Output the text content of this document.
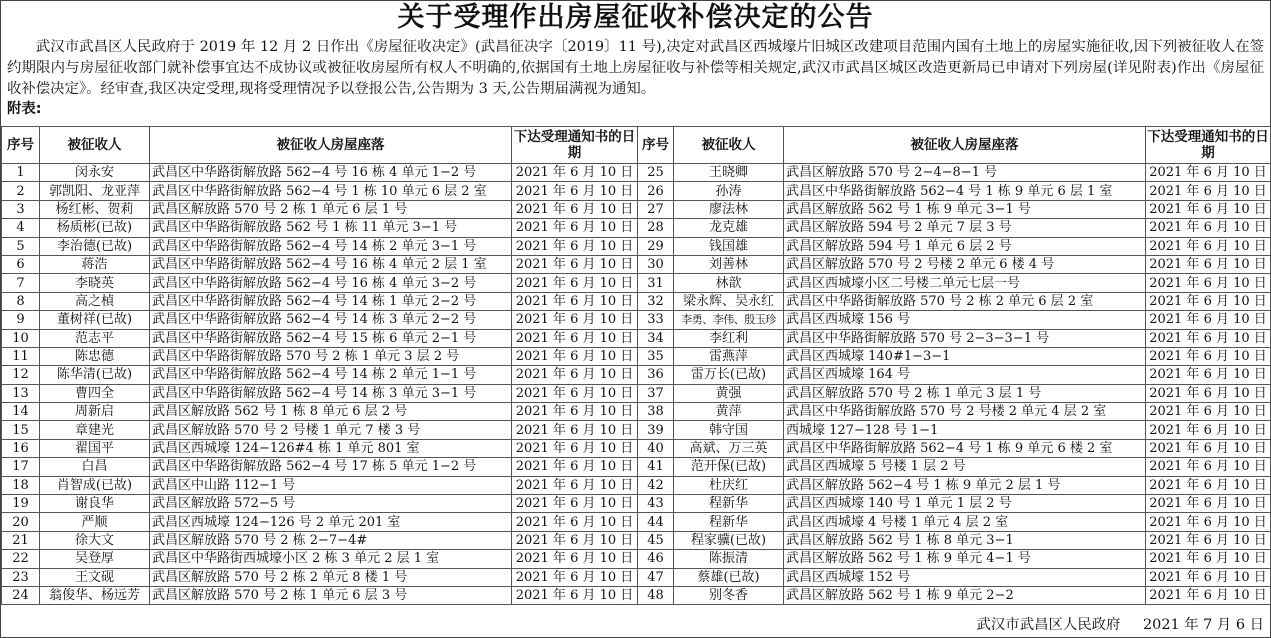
关于受理作出房屋征收补偿决定的公告

武汉市武昌区人民政府于 2019 年 12 月 2 日作出《房屋征收决定》(武昌征决字〔2019〕11 号),决定对武昌区西城壕片旧城区改建项目范围内国有土地上的房屋实施征收,因下列被征收人在签约期限内与房屋征收部门就补偿事宜达不成协议或被征收房屋所有权人不明确的,依据国有土地上房屋征收与补偿等相关规定,武汉市武昌区城区改造更新局已申请对下列房屋(详见附表)作出《房屋征收补偿决定》。经审查,我区决定受理,现将受理情况予以登报公告,公告期为 3 天,公告期届满视为通知。

附表:
序号	被征收人	被征收人房屋座落	下达受理通知书的日期	序号	被征收人	被征收人房屋座落	下达受理通知书的日期
1	闵永安	武昌区中华路街解放路 562−4 号 16 栋 4 单元 1−2 号	2021 年 6 月 10 日	25	王晓卿	武昌区解放路 570 号 2−4−8−1 号	2021 年 6 月 10 日
2	郭凯阳、龙亚萍	武昌区中华路街解放路 562−4 号 1 栋 10 单元 6 层 2 室	2021 年 6 月 10 日	26	孙涛	武昌区中华路街解放路 562−4 号 1 栋 9 单元 6 层 1 室	2021 年 6 月 10 日
3	杨红彬、贺莉	武昌区解放路 570 号 2 栋 1 单元 6 层 1 号	2021 年 6 月 10 日	27	廖法林	武昌区解放路 562 号 1 栋 9 单元 3−1 号	2021 年 6 月 10 日
4	杨质彬(已故)	武昌区中华路街解放路 562 号 1 栋 11 单元 3−1 号	2021 年 6 月 10 日	28	龙克雄	武昌区解放路 594 号 2 单元 7 层 3 号	2021 年 6 月 10 日
5	李治德(已故)	武昌区中华路街解放路 562−4 号 14 栋 2 单元 3−1 号	2021 年 6 月 10 日	29	钱国雄	武昌区解放路 594 号 1 单元 6 层 2 号	2021 年 6 月 10 日
6	蒋浩	武昌区中华路街解放路 562−4 号 16 栋 4 单元 2 层 1 室	2021 年 6 月 10 日	30	刘善林	武昌区解放路 570 号 2 号楼 2 单元 6 楼 4 号	2021 年 6 月 10 日
7	李晓英	武昌区中华路街解放路 562−4 号 16 栋 4 单元 3−2 号	2021 年 6 月 10 日	31	林歆	武昌区西城壕小区二号楼二单元七层一号	2021 年 6 月 10 日
8	高之楨	武昌区中华路街解放路 562−4 号 14 栋 1 单元 2−2 号	2021 年 6 月 10 日	32	梁永辉、吴永红	武昌区中华路街解放路 570 号 2 栋 2 单元 6 层 2 室	2021 年 6 月 10 日
9	董树祥(已故)	武昌区中华路街解放路 562−4 号 14 栋 3 单元 2−2 号	2021 年 6 月 10 日	33	李勇、李伟、殷玉珍	武昌区西城壕 156 号	2021 年 6 月 10 日
10	范志平	武昌区中华路街解放路 562−4 号 15 栋 6 单元 2−1 号	2021 年 6 月 10 日	34	李红利	武昌区中华路街解放路 570 号 2−3−3−1 号	2021 年 6 月 10 日
11	陈忠德	武昌区中华路街解放路 570 号 2 栋 1 单元 3 层 2 号	2021 年 6 月 10 日	35	雷燕萍	武昌区西城壕 140#1−3−1	2021 年 6 月 10 日
12	陈华清(已故)	武昌区中华路街解放路 562−4 号 14 栋 2 单元 1−1 号	2021 年 6 月 10 日	36	雷万长(已故)	武昌区西城壕 164 号	2021 年 6 月 10 日
13	曹四全	武昌区中华路街解放路 562−4 号 14 栋 3 单元 3−1 号	2021 年 6 月 10 日	37	黄强	武昌区解放路 570 号 2 栋 1 单元 3 层 1 号	2021 年 6 月 10 日
14	周新启	武昌区解放路 562 号 1 栋 8 单元 6 层 2 号	2021 年 6 月 10 日	38	黄萍	武昌区中华路街解放路 570 号 2 号楼 2 单元 4 层 2 室	2021 年 6 月 10 日
15	章建光	武昌区解放路 570 号 2 号楼 1 单元 7 楼 3 号	2021 年 6 月 10 日	39	韩守国	西城壕 127−128 号 1−1	2021 年 6 月 10 日
16	翟国平	武昌区西城壕 124−126#4 栋 1 单元 801 室	2021 年 6 月 10 日	40	高斌、万三英	武昌区中华路街解放路 562−4 号 1 栋 9 单元 6 楼 2 室	2021 年 6 月 10 日
17	白昌	武昌区中华路街解放路 562−4 号 17 栋 5 单元 1−2 号	2021 年 6 月 10 日	41	范开保(已故)	武昌区西城壕 5 号楼 1 层 2 号	2021 年 6 月 10 日
18	肖智成(已故)	武昌区中山路 112−1 号	2021 年 6 月 10 日	42	杜庆红	武昌区解放路 562−4 号 1 栋 9 单元 2 层 1 号	2021 年 6 月 10 日
19	谢良华	武昌区解放路 572−5 号	2021 年 6 月 10 日	43	程新华	武昌区西城壕 140 号 1 单元 1 层 2 号	2021 年 6 月 10 日
20	严顺	武昌区西城壕 124−126 号 2 单元 201 室	2021 年 6 月 10 日	44	程新华	武昌区西城壕 4 号楼 1 单元 4 层 2 室	2021 年 6 月 10 日
21	徐大文	武昌区解放路 570 号 2 栋 2−7−4#	2021 年 6 月 10 日	45	程家骥(已故)	武昌区解放路 562 号 1 栋 8 单元 3−1	2021 年 6 月 10 日
22	吴登厚	武昌区中华路街西城壕小区 2 栋 3 单元 2 层 1 室	2021 年 6 月 10 日	46	陈振清	武昌区解放路 562 号 1 栋 9 单元 4−1 号	2021 年 6 月 10 日
23	王文砚	武昌区解放路 570 号 2 栋 2 单元 8 楼 1 号	2021 年 6 月 10 日	47	蔡雄(已故)	武昌区西城壕 152 号	2021 年 6 月 10 日
24	翁俊华、杨远芳	武昌区解放路 570 号 2 栋 1 单元 6 层 3 号	2021 年 6 月 10 日	48	别冬香	武昌区解放路 562 号 1 栋 9 单元 2−2	2021 年 6 月 10 日
武汉市武昌区人民政府 2021 年 7 月 6 日
